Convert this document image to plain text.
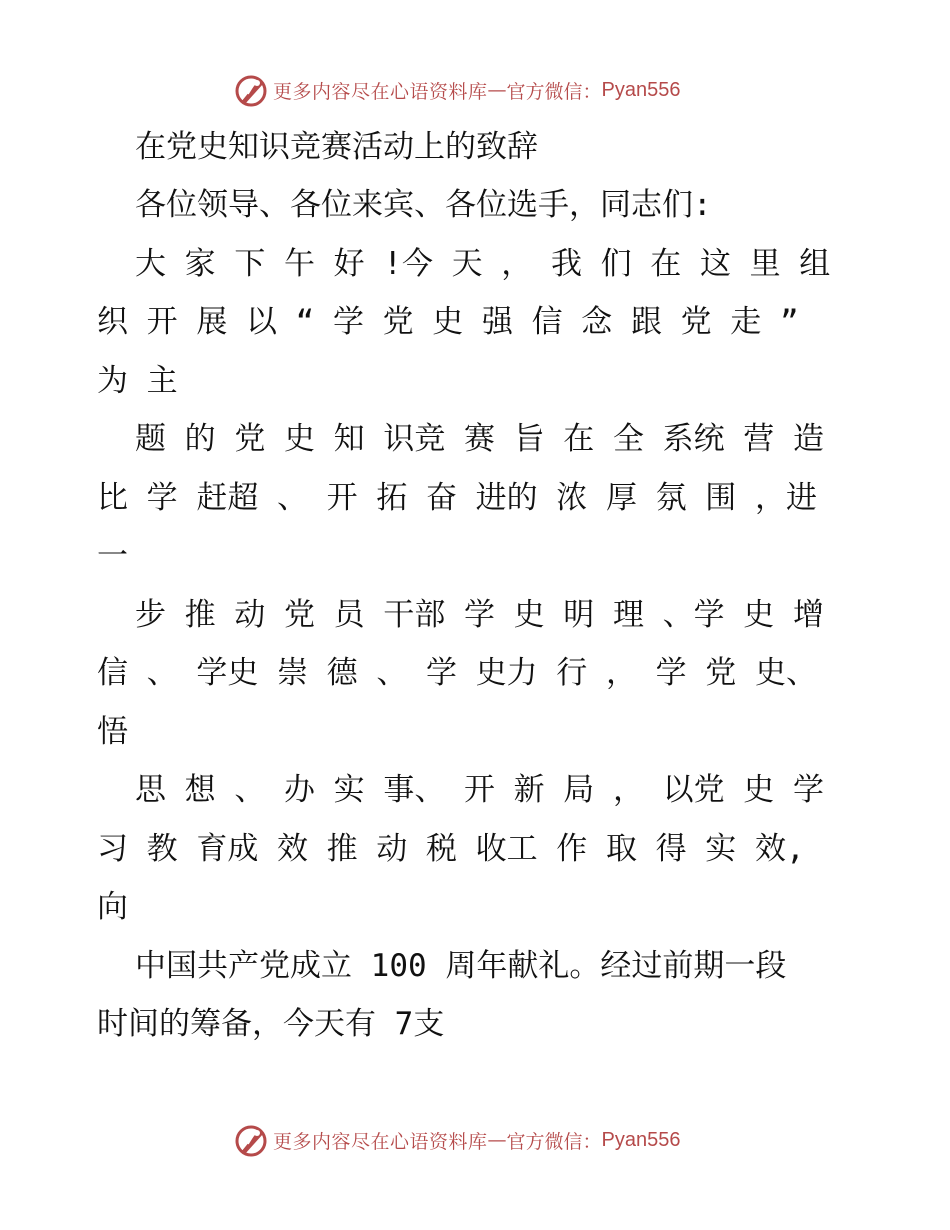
更多内容尽在心语资料库 — 官方微信： Pyan556
在党史知识竞赛活动上的致辞
各位领导、各位来宾、各位选手，同志们:
大 家 下 午 好 !今 天 ， 我 们 在 这 里 组
织 开 展 以 “ 学 党 史 强 信 念 跟 党 走 ”
为 主
题 的 党 史 知 识竞 赛 旨 在 全 系统 营 造
比 学 赶超 、 开 拓 奋 进的 浓 厚 氛 围 ，进
一
步 推 动 党 员 干部 学 史 明 理 、学 史 增
信 、 学史 崇 德 、 学 史力 行 ， 学 党 史、
悟
思 想 、 办 实 事、 开 新 局 ， 以党 史 学
习 教 育成 效 推 动 税 收工 作 取 得 实 效,
向
中国共产党成立 100 周年献礼。经过前期一段
时间的筹备，今天有 7支
更多内容尽在心语资料库 — 官方微信： Pyan556
